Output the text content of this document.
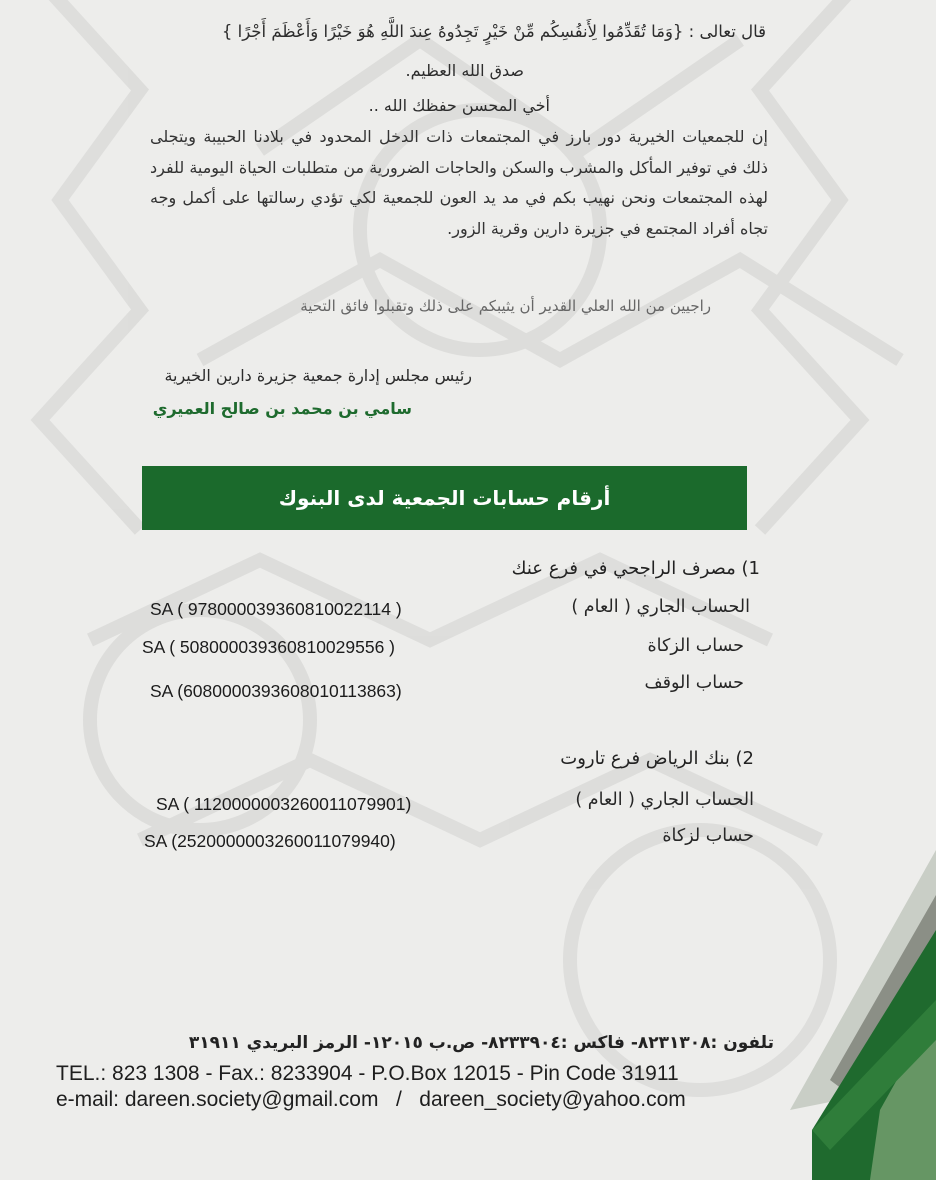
قال تعالى : {وَمَا تُقَدِّمُوا لِأَنفُسِكُم مِّنْ خَيْرٍ تَجِدُوهُ عِندَ اللَّهِ هُوَ خَيْرًا وَأَعْظَمَ أَجْرًا }
صدق الله العظيم.
أخي المحسن حفظك الله ..
إن للجمعيات الخيرية دور بارز في المجتمعات ذات الدخل المحدود في بلادنا الحبيبة ويتجلى ذلك في توفير المأكل والمشرب والسكن والحاجات الضرورية من متطلبات الحياة اليومية للفرد لهذه المجتمعات ونحن نهيب بكم في مد يد العون للجمعية لكي تؤدي رسالتها على أكمل وجه تجاه أفراد المجتمع في جزيرة دارين وقرية الزور.
راجيين من الله العلي القدير أن يثيبكم على ذلك وتقبلوا فائق التحية
رئيس مجلس إدارة جمعية جزيرة دارين الخيرية
سامي بن محمد بن صالح العميري
أرقام حسابات الجمعية لدى البنوك
1) مصرف الراجحي في فرع عنك
الحساب الجاري ( العام )
SA ( 9780000393608100221​14 )
حساب الزكاة
SA ( 508000039360810029556 )
حساب الوقف
SA (608000039360801011386​3)
2) بنك الرياض فرع تاروت
الحساب الجاري ( العام )
SA ( 1120000003260011079901)
حساب لزكاة
SA (2520000003260011079940)
تلفون :٨٢٣١٣٠٨- فاكس :٨٢٣٣٩٠٤- ص.ب ١٢٠١٥- الرمز البريدي ٣١٩١١
TEL.: 823 1308 - Fax.: 8233904 - P.O.Box 12015 - Pin Code 31911
e-mail: dareen.society@gmail.com   /   dareen_society@yahoo.com
